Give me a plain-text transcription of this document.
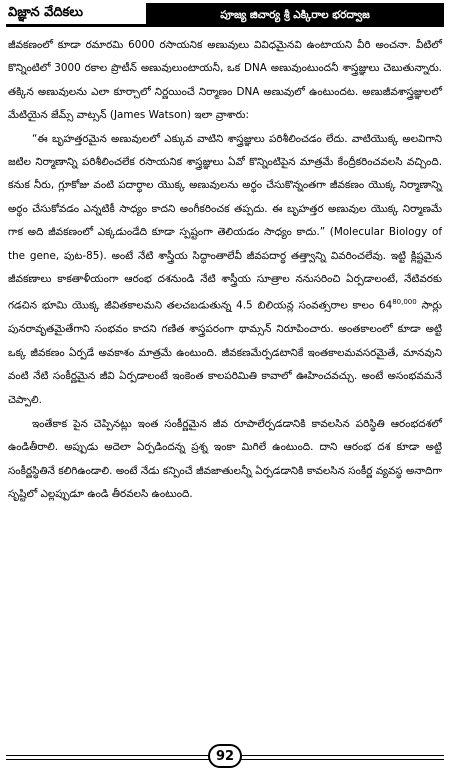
విజ్ఞాన వేదికలు	పూజ్య జిచార్య శ్రీ ఎక్కిరాల భరద్వాజ

జీవకణంలో కూడా రమారమి 6000 రసాయనిక అణువులు వివిధమైనవి ఉంటాయని వీరి అంచనా. వీటిలో కొన్నింటిలో 3000 రకాల ప్రొటీన్ అణువులుంటాయనీ, ఒక DNA అణువుంటుందనీ శాస్త్రజ్ఞులు చెబుతున్నారు. తక్కిన అణువులను ఎలా కూర్చాలో నిర్ణయించే నిర్మాణం DNA అణువులో ఉంటుందట. అణుజీవశాస్త్రజ్ఞులలో మేటియైన జేమ్స్ వాట్సన్ (James Watson) ఇలా వ్రాశారు:

“ఈ బృహత్తరమైన అణువులలో ఎక్కువ వాటిని శాస్త్రజ్ఞులు పరిశీలించడం లేదు. వాటియొక్క అలవిగాని జటిల నిర్మాణాన్ని పరిశీలించలేక రసాయనిక శాస్త్రజ్ఞులు ఏవో కొన్నింటిపైన మాత్రమే కేంద్రీకరించవలసి వచ్చింది. కనుక నీరు, గ్లూకోజు వంటి పదార్థాల యొక్క అణువులను అర్థం చేసుకొన్నంతగా జీవకణం యొక్క నిర్మాణాన్ని అర్థం చేసుకోవడం ఎన్నటికీ సాధ్యం కాదని అంగీకరించక తప్పదు. ఈ బృహత్తర అణువుల యొక్క నిర్మాణమే గాక అది జీవకణంలో ఎక్కడుండేది కూడా స్పష్టంగా తెలియడం సాధ్యం కాదు.” (Molecular Biology of the gene, పుట-85). అంటే నేటి శాస్త్రీయ సిద్ధాంతాలేవీ జీవపదార్థ తత్త్వాన్ని వివరించలేవు. ఇట్టి క్లిష్టమైన జీవకణాలు కాకతాళీయంగా ఆరంభ దశనుండి నేటి శాస్త్రీయ సూత్రాల ననుసరించి ఏర్పడాలంటే, నేటివరకు గడచిన భూమి యొక్క జీవితకాలమని తలచబడుతున్న 4.5 బిలియన్ల సంవత్సరాల కాలం 64$^{80,000}$ సార్లు పునరావృతమైతేగాని సంభవం కాదని గణిత శాస్త్రపరంగా థామ్సన్ నిరూపించారు. అంతకాలంలో కూడా అట్టి ఒక్క జీవకణం ఏర్పడే అవకాశం మాత్రమే ఉంటుంది. జీవకణమేర్పడటానికే ఇంతకాలమవసరమైతే, మానవుని వంటి నేటి సంకీర్ణమైన జీవి ఏర్పడాలంటే ఇంకెంత కాలపరిమితి కావాలో ఊహించవచ్చు. అంటే అసంభవమనే చెప్పాలి.

ఇంతేకాక పైన చెప్పినట్లు ఇంత సంకీర్ణమైన జీవ రూపాలేర్పడడానికి కావలసిన పరిస్థితి ఆరంభదశలో ఉండితీరాలి. అప్పుడు అదెలా ఏర్పడిందన్న ప్రశ్న ఇంకా మిగిలే ఉంటుంది. దాని ఆరంభ దశ కూడా అట్టి సంకీర్ణస్థితినే కలిగిఉండాలి. అంటే నేడు కన్పించే జీవజాతులన్నీ ఏర్పడడానికి కావలసిన సంకీర్ణ వ్యవస్థ అనాదిగా సృష్టిలో ఎల్లప్పుడూ ఉండి తీరవలసి ఉంటుంది.

92
